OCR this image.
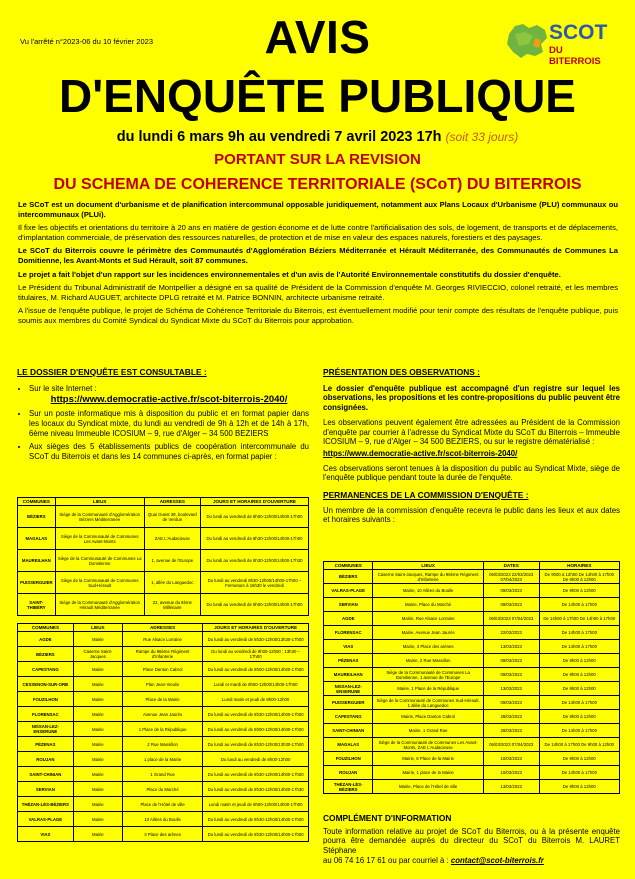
Vu l'arrêté n°2023-06 du 10 février 2023	SCOT
DU BITERROIS
AVIS
D'ENQUÊTE PUBLIQUE
du lundi 6 mars 9h au vendredi 7 avril 2023 17h (soit 33 jours)
PORTANT SUR LA REVISION
DU SCHEMA DE COHERENCE TERRITORIALE (SCoT) DU BITERROIS

Le SCoT est un document d'urbanisme et de planification intercommunal opposable juridiquement, notamment aux Plans Locaux d'Urbanisme (PLU) communaux ou intercommunaux (PLUi).

Il fixe les objectifs et orientations du territoire à 20 ans en matière de gestion économe et de lutte contre l'artificialisation des sols, de logement, de transports et de déplacements, d'implantation commerciale, de préservation des ressources naturelles, de protection et de mise en valeur des espaces naturels, forestiers et des paysages.

Le SCoT du Biterrois couvre le périmètre des Communautés d'Agglomération Béziers Méditerranée et Hérault Méditerranée, des Communautés de Communes La Domitienne, les Avant-Monts et Sud Hérault, soit 87 communes.

Le projet a fait l'objet d'un rapport sur les incidences environnementales et d'un avis de l'Autorité Environnementale constitutifs du dossier d'enquête.

Le Président du Tribunal Administratif de Montpellier a désigné en sa qualité de Président de la Commission d'enquête M. Georges RIVIECCIO, colonel retraité, et les membres titulaires, M. Richard AUGUET, architecte DPLG retraité et M. Patrice BONNIN, architecte urbanisme retraité.

A l'issue de l'enquête publique, le projet de Schéma de Cohérence Territoriale du Biterrois, est éventuellement modifié pour tenir compte des résultats de l'enquête publique, puis soumis aux membres du Comité Syndical du Syndicat Mixte du SCoT du Biterrois pour approbation.

LE DOSSIER D'ENQUÊTE EST CONSULTABLE :
• Sur le site Internet :
https://www.democratie-active.fr/scot-biterrois-2040/
• Sur un poste informatique mis à disposition du public et en format papier dans les locaux du Syndicat mixte, du lundi au vendredi de 9h à 12h et de 14h à 17h, 6ème niveau Immeuble ICOSIUM – 9, rue d'Alger – 34 500 BEZIERS
• Aux sièges des 5 établissements publics de coopération intercommunale du SCoT du Biterrois et dans les 14 communes ci-après, en format papier :
COMMUNES	LIEUX	ADRESSES	JOURS ET HORAIRES D'OUVERTURE
BÉZIERS	Siège de la Communauté d'Agglomération Béziers Méditerranée	Quai Ouest 39, boulevard de Verdun	Du lundi au vendredi de 8h00-12h00/14h00-17h00
MAGALAS	Siège de la Communauté de Communes Les Avant-Monts	ZAE L'Audacieuse	Du lundi au vendredi de 8h30-12h00/14h00-17h00
MAUREILHAN	Siège de la Communauté de Communes La Domitienne	1, avenue de l'Europe	Du lundi au vendredi de 8h30-12h00/14h00-17h30
PUISSERGUIER	Siège de la Communauté de Communes Sud-Hérault	1, allée du Languedoc	Du lundi au vendredi 8h30-12h00/14h00-17h00 – Fermeture à 16h30 le vendredi
SAINT-THIBÉRY	Siège de la Communauté d'Agglomération Hérault Méditerranée	22, avenue du 8ème Millénaire	Du lundi au vendredi de 9h00-12h00/14h00-17h00
COMMUNES	LIEUX	ADRESSES	JOURS ET HORAIRES D'OUVERTURE
AGDE	Mairie	Rue Alsace Lorraine	Du lundi au vendredi de 8h30-12h00/13h30-17h00
BÉZIERS	Caserne Saint-Jacques	Rampe du 96ème Régiment d'Infanterie	Du lundi au vendredi de 9h00-12h00 ; 13h30 – 17h00
CAPESTANG	Mairie	Place Danton Cabrol	Du lundi au vendredi de 8h00-12h00/14h00-17h00
CESSENON-SUR-ORB	Mairie	Plan Jean-Vieulin	Lundi et mardi de 9h00-12h00/14h00-17h00
FOUZILHON	Mairie	Place de la Mairie	Lundi matin et jeudi de 8h00-12h00
FLORENSAC	Mairie	Avenue Jean Jaurès	Du lundi au vendredi de 8h30-12h00/14h00-17h00
NISSAN-LEZ-ENSERUNE	Mairie	1 Place de la République	Du lundi au vendredi de 8h00-12h00/14h00-17h00
PÉZENAS	Mairie	2 Rue Massillon	Du lundi au vendredi de 8h30-12h00/13h30-17h00
ROUJAN	Mairie	1 place de la Mairie	Du lundi au vendredi de 8h00-12h00
SAINT-CHINIAN	Mairie	1 Grand Rue	Du lundi au vendredi de 8h30-12h00/14h00-17h00
SERVIAN	Mairie	Place du Marché	Du lundi au vendredi de 8h30-12h00/14h00-17h30
THÉZAN-LÈS-BÉZIERS	Mairie	Place de l'Hôtel de ville	Lundi matin et jeudi de 8h00-12h00/14h00-17h00
VALRAS-PLAGE	Mairie	10 Allées du Boulle	Du lundi au vendredi de 8h30-12h00/14h00-17h00
VIAS	Mairie	3 Place des arènes	Du lundi au vendredi de 8h30-12h00/14h00-17h00
PRÉSENTATION DES OBSERVATIONS :

Le dossier d'enquête publique est accompagné d'un registre sur lequel les observations, les propositions et les contre-propositions du public peuvent être consignées.

Les observations peuvent également être adressées au Président de la Commission d'enquête par courrier à l'adresse du Syndicat Mixte du SCoT du Biterrois – Immeuble ICOSIUM – 9, rue d'Alger – 34 500 BEZIERS, ou sur le registre dématérialisé :

https://www.democratie-active.fr/scot-biterrois-2040/

Ces observations seront tenues à la disposition du public au Syndicat Mixte, siège de l'enquête publique pendant toute la durée de l'enquête.

PERMANENCES DE LA COMMISSION D'ENQUÊTE :

Un membre de la commission d'enquête recevra le public dans les lieux et aux dates et horaires suivants :

COMMUNES	LIEUX	DATES	HORAIRES
BÉZIERS	Caserne Saint-Jacques, Rampe du 96ème Régiment d'Infanterie	06/03/2023 22/03/2023 07/04/2023	De 9h00 à 12h00 De 14h00 à 17h00 De 9h00 à 12h00
VALRAS-PLAGE	Mairie, 10 Allées du Boulle	09/03/2023	De 9h00 à 12h00
SERVIAN	Mairie, Place du Marché	09/03/2023	De 14h00 à 17h00
AGDE	Mairie, Rue Alsace Lorraine	06/03/2023 07/04/2023	De 14h00 à 17h00 De 14h00 à 17h00
FLORENSAC	Mairie, Avenue Jean Jaurès	22/03/2023	De 14h00 à 17h00
VIAS	Mairie, 3 Place des arènes	13/03/2023	De 14h00 à 17h00
PÉZENAS	Mairie, 2 Rue Massillon	09/03/2023	De 9h00 à 12h00
MAUREILHAN	Siège de la Communauté de Communes La Domitienne, 1 avenue de l'Europe	09/03/2023	De 9h00 à 12h00
NISSAN-LEZ-ENSERUNE	Mairie, 1 Place de la République	13/03/2023	De 9h00 à 12h00
PUISSERGUIER	Siège de la Communauté de Communes Sud-Hérault, 1 allée du Languedoc	09/03/2023	De 14h00 à 17h00
CAPESTANG	Mairie, Place Danton Cabrol	28/03/2023	De 9h00 à 12h00
SAINT-CHINIAN	Mairie, 1 Grand Rue	28/03/2023	De 14h00 à 17h00
MAGALAS	Siège de la Communauté de Communes Les Avant-Monts, ZAE L'Audacieuse	06/03/2023 07/04/2023	De 14h00 à 17h00 De 9h00 à 12h00
FOUZILHON	Mairie, 8 Place de la Mairie	10/03/2023	De 9h00 à 12h00
ROUJAN	Mairie, 1 place de la Mairie	10/03/2023	De 14h00 à 17h00
THÉZAN-LÈS-BÉZIERS	Mairie, Place de l'Hôtel de ville	13/03/2023	De 9h00 à 12h00
COMPLÉMENT D'INFORMATION

Toute information relative au projet de SCoT du Biterrois, ou à la présente enquête pourra être demandée auprès du directeur du SCoT du Biterrois M. LAURET Stéphane

au 06 74 16 17 61 ou par courriel à : contact@scot-biterrois.fr
